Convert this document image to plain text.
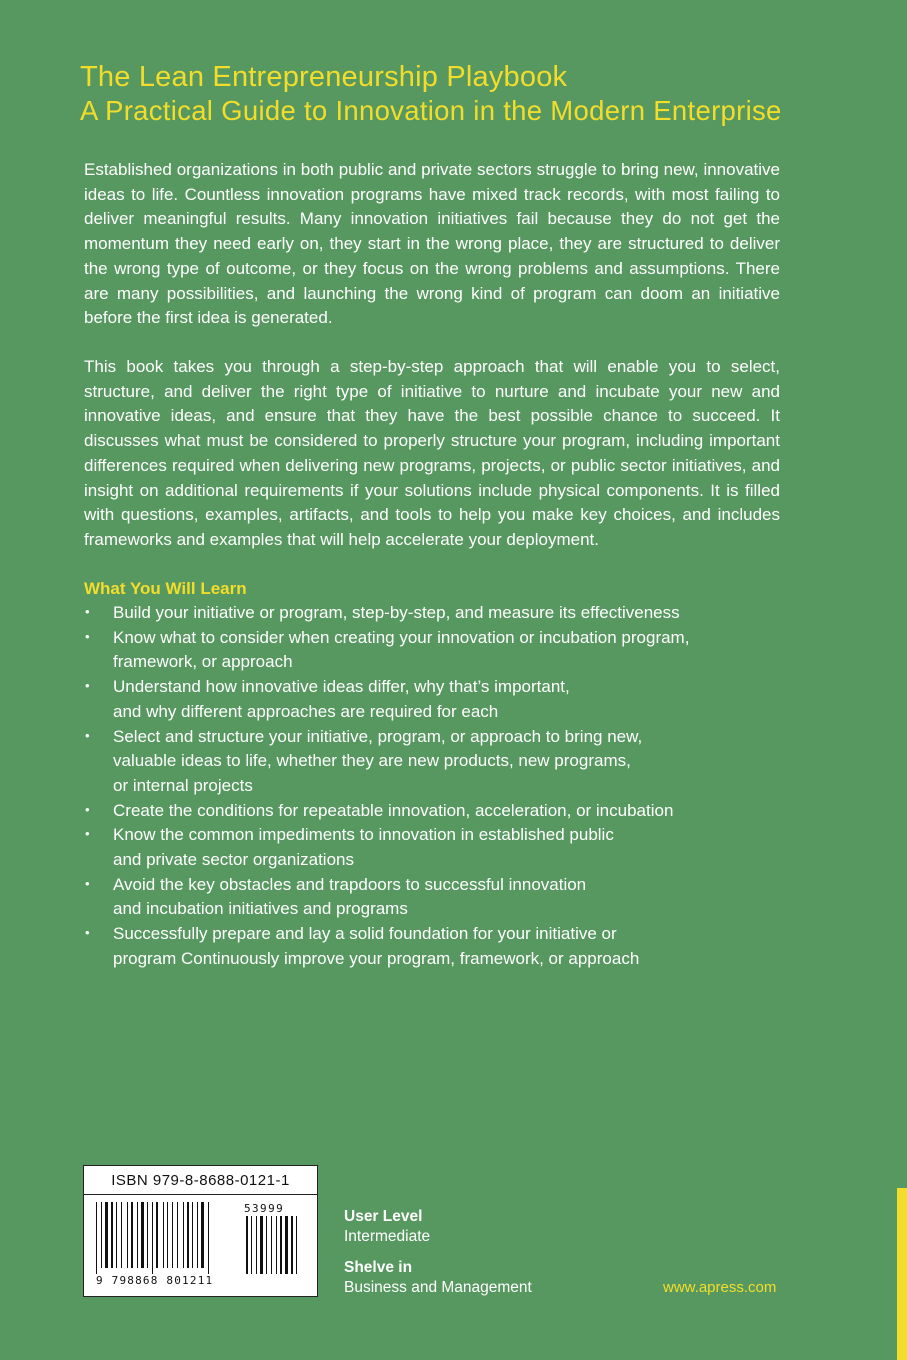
The Lean Entrepreneurship Playbook
A Practical Guide to Innovation in the Modern Enterprise

Established organizations in both public and private sectors struggle to bring new, innovative ideas to life. Countless innovation programs have mixed track records, with most failing to deliver meaningful results. Many innovation initiatives fail because they do not get the momentum they need early on, they start in the wrong place, they are structured to deliver the wrong type of outcome, or they focus on the wrong problems and assumptions. There are many possibilities, and launching the wrong kind of program can doom an initiative before the first idea is generated.

This book takes you through a step-by-step approach that will enable you to select, structure, and deliver the right type of initiative to nurture and incubate your new and innovative ideas, and ensure that they have the best possible chance to succeed. It discusses what must be considered to properly structure your program, including important differences required when delivering new programs, projects, or public sector initiatives, and insight on additional requirements if your solutions include physical components. It is filled with questions, examples, artifacts, and tools to help you make key choices, and includes frameworks and examples that will help accelerate your deployment.

What You Will Learn

• Build your initiative or program, step-by-step, and measure its effectiveness
• Know what to consider when creating your innovation or incubation program,
framework, or approach
• Understand how innovative ideas differ, why that’s important,
and why different approaches are required for each
• Select and structure your initiative, program, or approach to bring new,
valuable ideas to life, whether they are new products, new programs,
or internal projects
• Create the conditions for repeatable innovation, acceleration, or incubation
• Know the common impediments to innovation in established public
and private sector organizations
• Avoid the key obstacles and trapdoors to successful innovation
and incubation initiatives and programs
• Successfully prepare and lay a solid foundation for your initiative or
program Continuously improve your program, framework, or approach
ISBN 979-8-8688-0121-1
9 798868 801211
53999	User Level
Intermediate
Shelve in
Business and Management	www.apress.com
